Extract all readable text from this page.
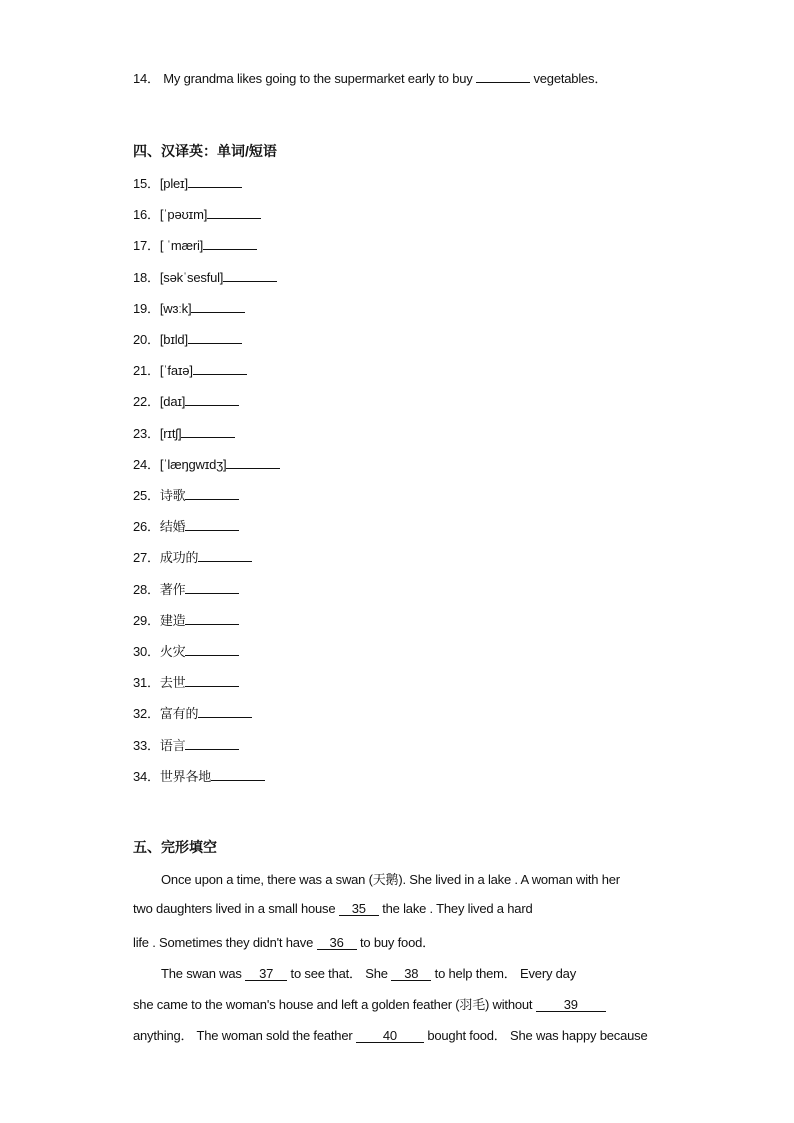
14． My grandma likes going to the supermarket early to buy	vegetables．
四、汉译英：单词/短语
15．[pleɪ]
16．[ˈpəʊɪm]
17．[ ˈmæri]
18．[səkˈsesful]
19．[wɜːk]
20．[bɪld]
21．[ˈfaɪə]
22．[daɪ]
23．[rɪtʃ]
24．[ˈlæŋgwɪdʒ]
25．诗歌
26．结婚
27．成功的
28．著作
29．建造
30．火灾
31．去世
32．富有的
33．语言
34．世界各地
五、完形填空
Once upon a time, there was a swan (天鹅). She lived in a lake . A woman with her
two daughters lived in a small house 35 the lake . They lived a hard
life . Sometimes they didn't have 36 to buy food．
The swan was 37 to see that． She 38 to help them． Every day
she came to the woman's house and left a golden feather (羽毛) without 39
anything． The woman sold the feather 40 bought food． She was happy because
